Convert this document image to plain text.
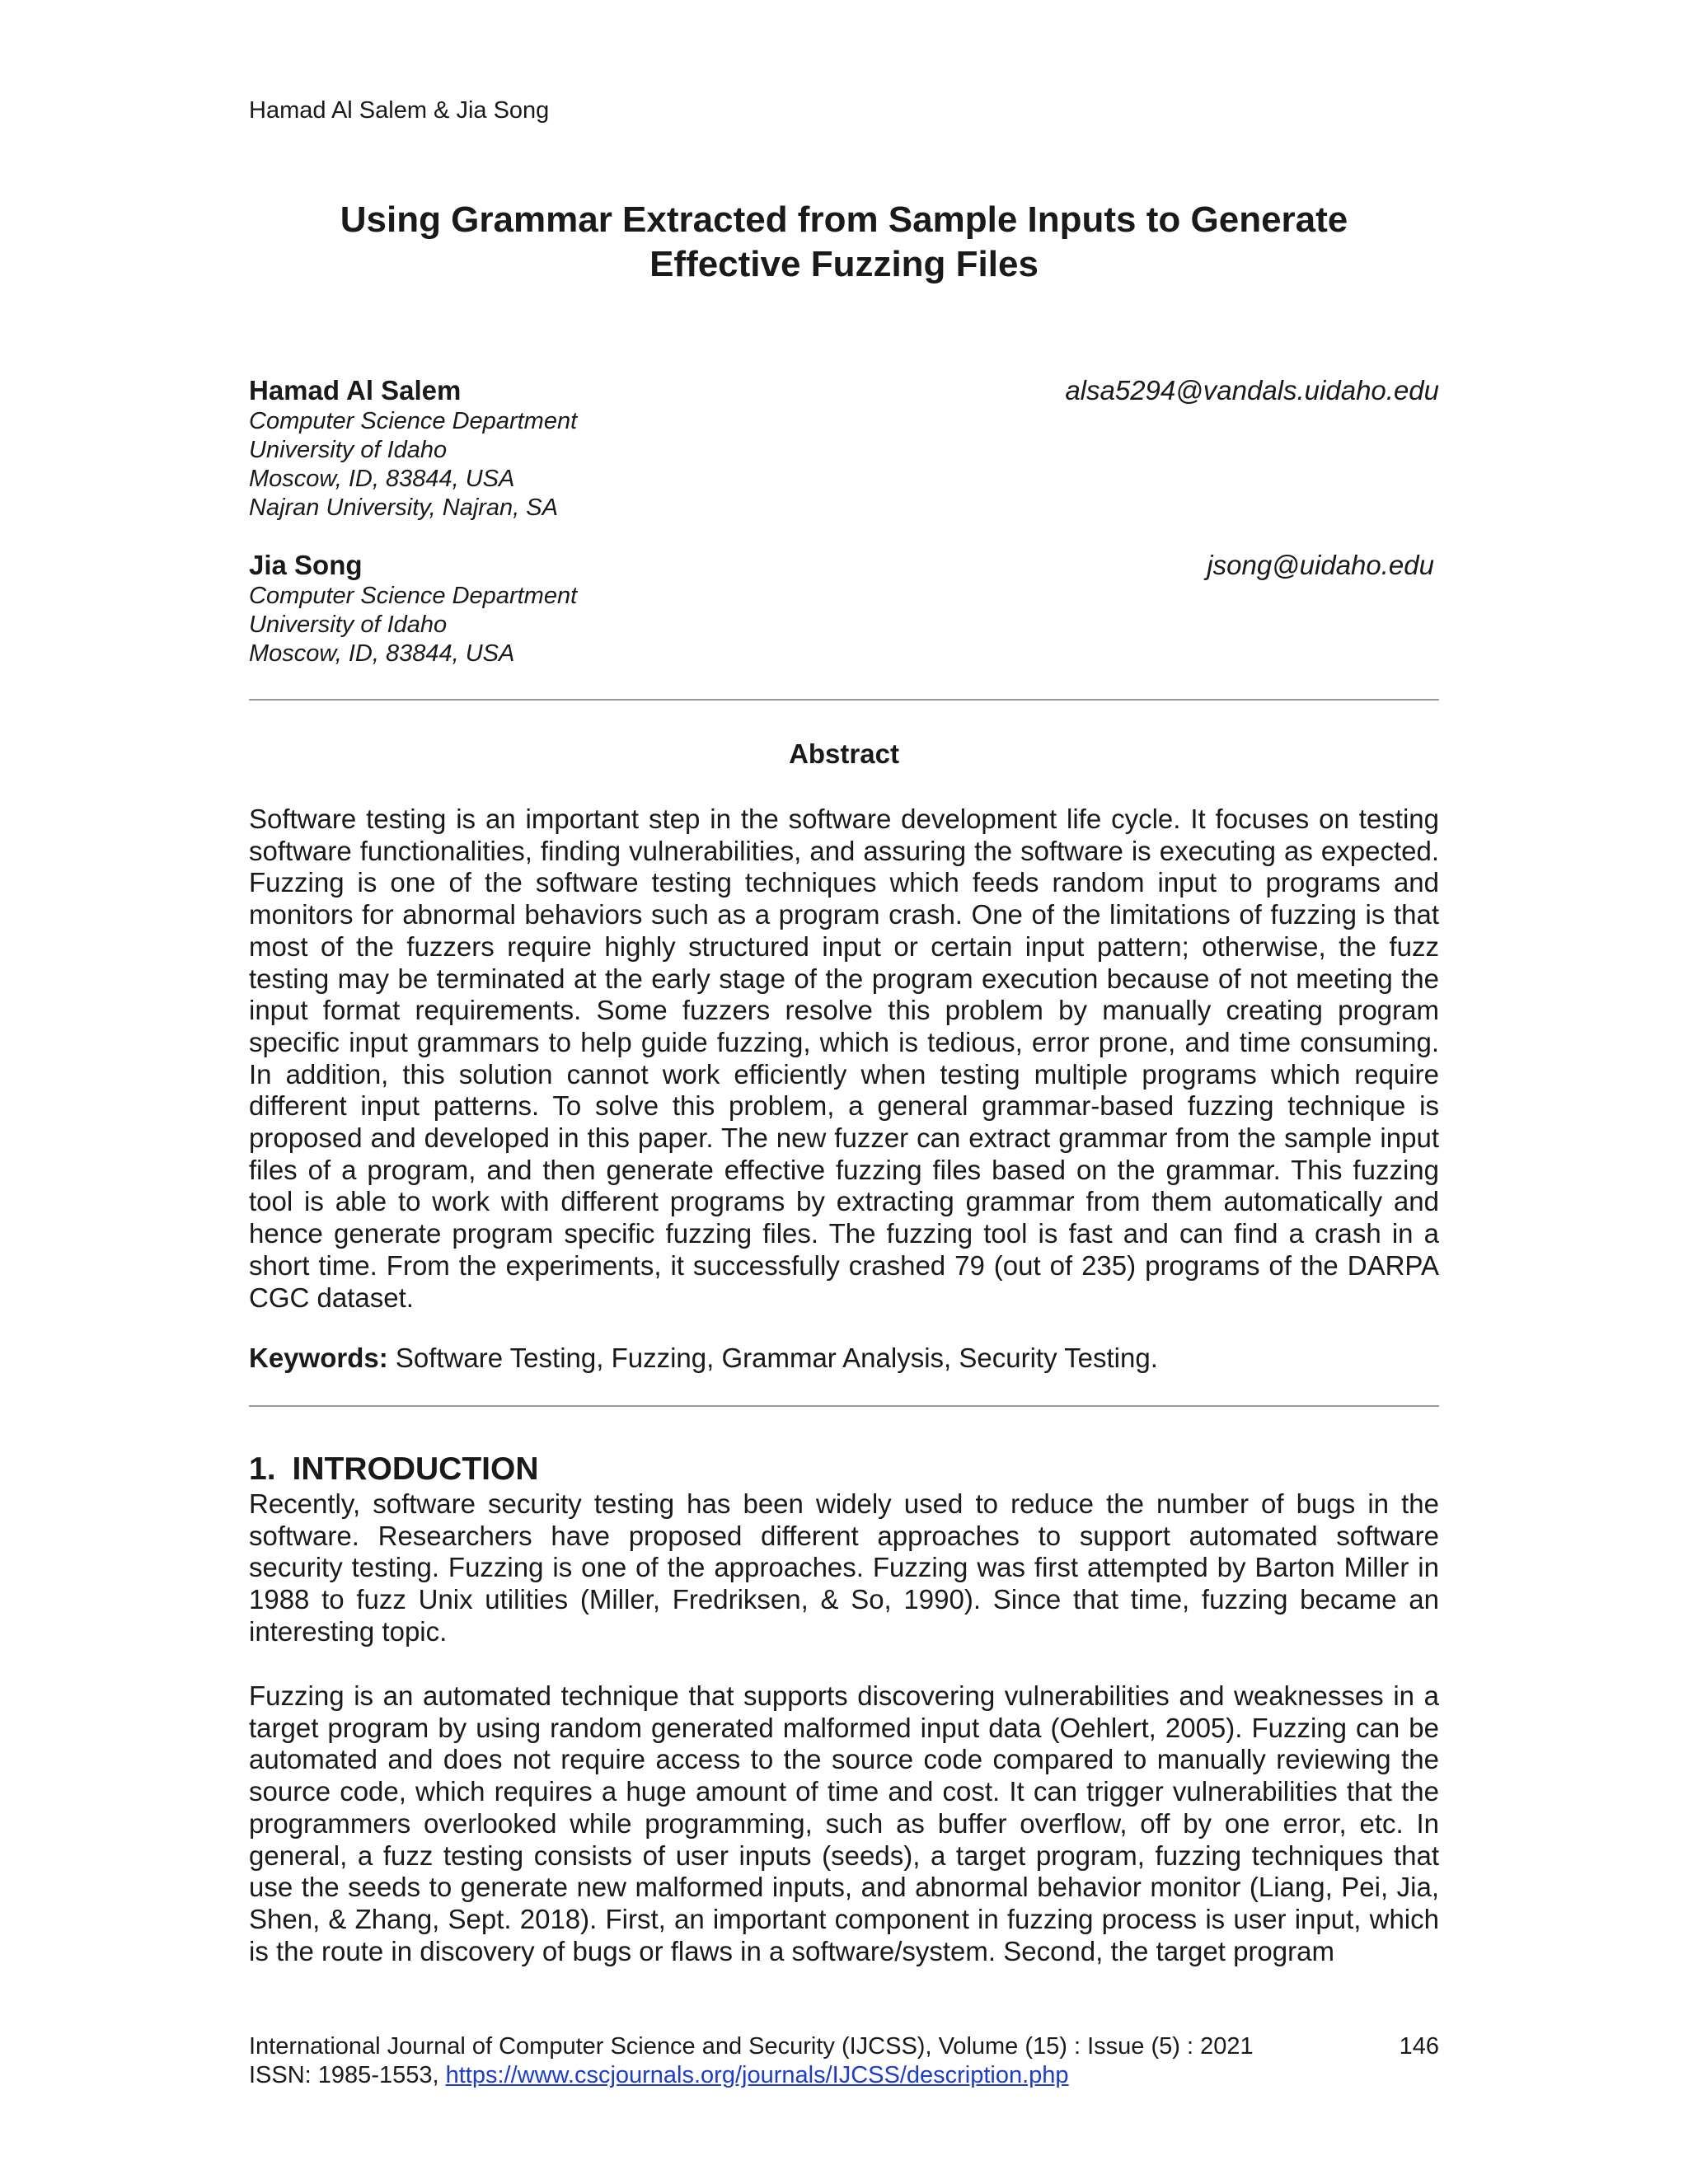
Hamad Al Salem & Jia Song
Using Grammar Extracted from Sample Inputs to Generate
Effective Fuzzing Files
Hamad Al Salem	alsa5294@vandals.uidaho.edu
Computer Science Department
University of Idaho
Moscow, ID, 83844, USA
Najran University, Najran, SA
Jia Song	jsong@uidaho.edu
Computer Science Department
University of Idaho
Moscow, ID, 83844, USA
Abstract

Software testing is an important step in the software development life cycle. It focuses on testing software functionalities, finding vulnerabilities, and assuring the software is executing as expected. Fuzzing is one of the software testing techniques which feeds random input to programs and monitors for abnormal behaviors such as a program crash. One of the limitations of fuzzing is that most of the fuzzers require highly structured input or certain input pattern; otherwise, the fuzz testing may be terminated at the early stage of the program execution because of not meeting the input format requirements. Some fuzzers resolve this problem by manually creating program specific input grammars to help guide fuzzing, which is tedious, error prone, and time consuming. In addition, this solution cannot work efficiently when testing multiple programs which require different input patterns. To solve this problem, a general grammar-based fuzzing technique is proposed and developed in this paper. The new fuzzer can extract grammar from the sample input files of a program, and then generate effective fuzzing files based on the grammar. This fuzzing tool is able to work with different programs by extracting grammar from them automatically and hence generate program specific fuzzing files. The fuzzing tool is fast and can find a crash in a short time. From the experiments, it successfully crashed 79 (out of 235) programs of the DARPA CGC dataset.

Keywords: Software Testing, Fuzzing, Grammar Analysis, Security Testing.
1. INTRODUCTION

Recently, software security testing has been widely used to reduce the number of bugs in the software. Researchers have proposed different approaches to support automated software security testing. Fuzzing is one of the approaches. Fuzzing was first attempted by Barton Miller in 1988 to fuzz Unix utilities (Miller, Fredriksen, & So, 1990). Since that time, fuzzing became an interesting topic.

Fuzzing is an automated technique that supports discovering vulnerabilities and weaknesses in a target program by using random generated malformed input data (Oehlert, 2005). Fuzzing can be automated and does not require access to the source code compared to manually reviewing the source code, which requires a huge amount of time and cost. It can trigger vulnerabilities that the programmers overlooked while programming, such as buffer overflow, off by one error, etc. In general, a fuzz testing consists of user inputs (seeds), a target program, fuzzing techniques that use the seeds to generate new malformed inputs, and abnormal behavior monitor (Liang, Pei, Jia, Shen, & Zhang, Sept. 2018). First, an important component in fuzzing process is user input, which is the route in discovery of bugs or flaws in a software/system. Second, the target program

International Journal of Computer Science and Security (IJCSS), Volume (15) : Issue (5) : 2021	146
ISSN: 1985-1553, https://www.cscjournals.org/journals/IJCSS/description.php
